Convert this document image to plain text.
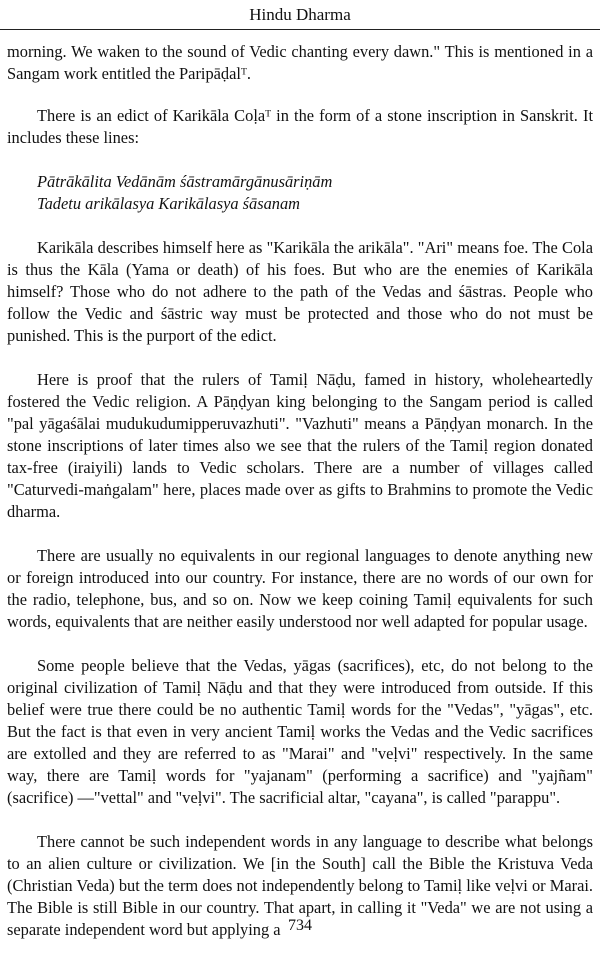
Hindu Dharma

morning. We waken to the sound of Vedic chanting every dawn." This is mentioned in a Sangam work entitled the Paripāḍalᵀ.

There is an edict of Karikāla Coḷaᵀ in the form of a stone inscription in Sanskrit. It includes these lines:

Pātrākālita Vedānām śāstramārgānusāriṇām
Tadetu arikālasya Karikālasya śāsanam

Karikāla describes himself here as "Karikāla the arikāla". "Ari" means foe. The Cola is thus the Kāla (Yama or death) of his foes. But who are the enemies of Karikāla himself? Those who do not adhere to the path of the Vedas and śāstras. People who follow the Vedic and śāstric way must be protected and those who do not must be punished. This is the purport of the edict.

Here is proof that the rulers of Tamiḷ Nāḍu, famed in history, wholeheartedly fostered the Vedic religion. A Pāṇḍyan king belonging to the Sangam period is called "pal yāgaśālai mudukudumipperuvazhuti". "Vazhuti" means a Pāṇḍyan monarch. In the stone inscriptions of later times also we see that the rulers of the Tamiḷ region donated tax-free (iraiyili) lands to Vedic scholars. There are a number of villages called "Caturvedi-maṅgalam" here, places made over as gifts to Brahmins to promote the Vedic dharma.

There are usually no equivalents in our regional languages to denote anything new or foreign introduced into our country. For instance, there are no words of our own for the radio, telephone, bus, and so on. Now we keep coining Tamiḷ equivalents for such words, equivalents that are neither easily understood nor well adapted for popular usage.

Some people believe that the Vedas, yāgas (sacrifices), etc, do not belong to the original civilization of Tamiḷ Nāḍu and that they were introduced from outside. If this belief were true there could be no authentic Tamiḷ words for the "Vedas", "yāgas", etc. But the fact is that even in very ancient Tamiḷ works the Vedas and the Vedic sacrifices are extolled and they are referred to as "Marai" and "veḷvi" respectively. In the same way, there are Tamiḷ words for "yajanam" (performing a sacrifice) and "yajñam" (sacrifice) —"vettal" and "veḷvi". The sacrificial altar, "cayana", is called "parappu".

There cannot be such independent words in any language to describe what belongs to an alien culture or civilization. We [in the South] call the Bible the Kristuva Veda (Christian Veda) but the term does not independently belong to Tamiḷ like veḷvi or Marai. The Bible is still Bible in our country. That apart, in calling it "Veda" we are not using a separate independent word but applying a 734
